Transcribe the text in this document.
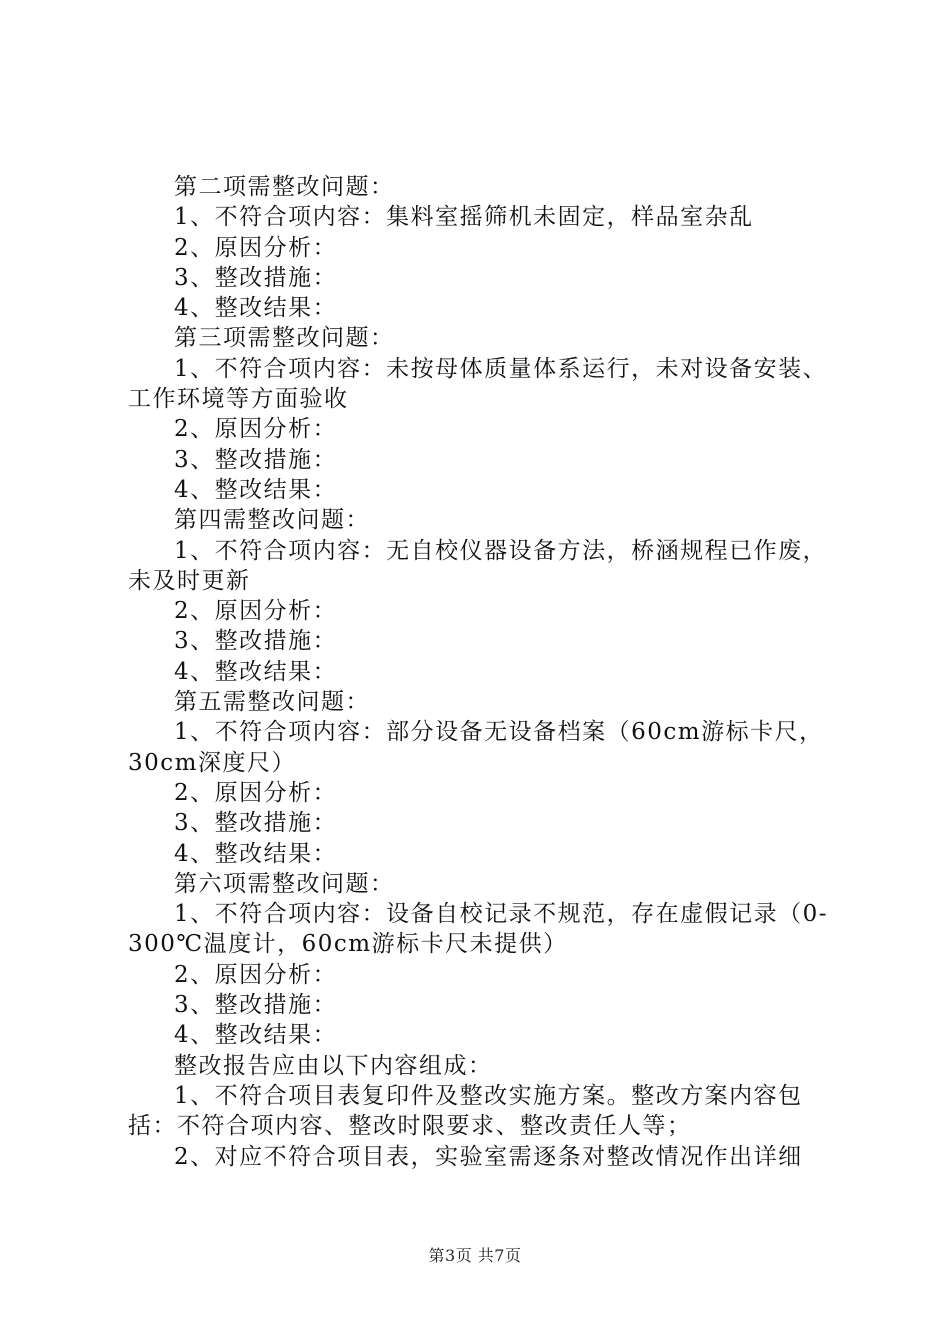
第二项需整改问题：

1、不符合项内容：集料室摇筛机未固定，样品室杂乱

2、原因分析：

3、整改措施：

4、整改结果：

第三项需整改问题：

1、不符合项内容：未按母体质量体系运行，未对设备安装、工作环境等方面验收

2、原因分析：

3、整改措施：

4、整改结果：

第四需整改问题：

1、不符合项内容：无自校仪器设备方法，桥涵规程已作废，未及时更新

2、原因分析：

3、整改措施：

4、整改结果：

第五需整改问题：

1、不符合项内容：部分设备无设备档案（60cm游标卡尺，30cm深度尺）

2、原因分析：

3、整改措施：

4、整改结果：

第六项需整改问题：

1、不符合项内容：设备自校记录不规范，存在虚假记录（0-300℃温度计，60cm游标卡尺未提供）

2、原因分析：

3、整改措施：

4、整改结果：

整改报告应由以下内容组成：

1、不符合项目表复印件及整改实施方案。整改方案内容包括：不符合项内容、整改时限要求、整改责任人等；

2、对应不符合项目表，实验室需逐条对整改情况作出详细

第3页 共7页
